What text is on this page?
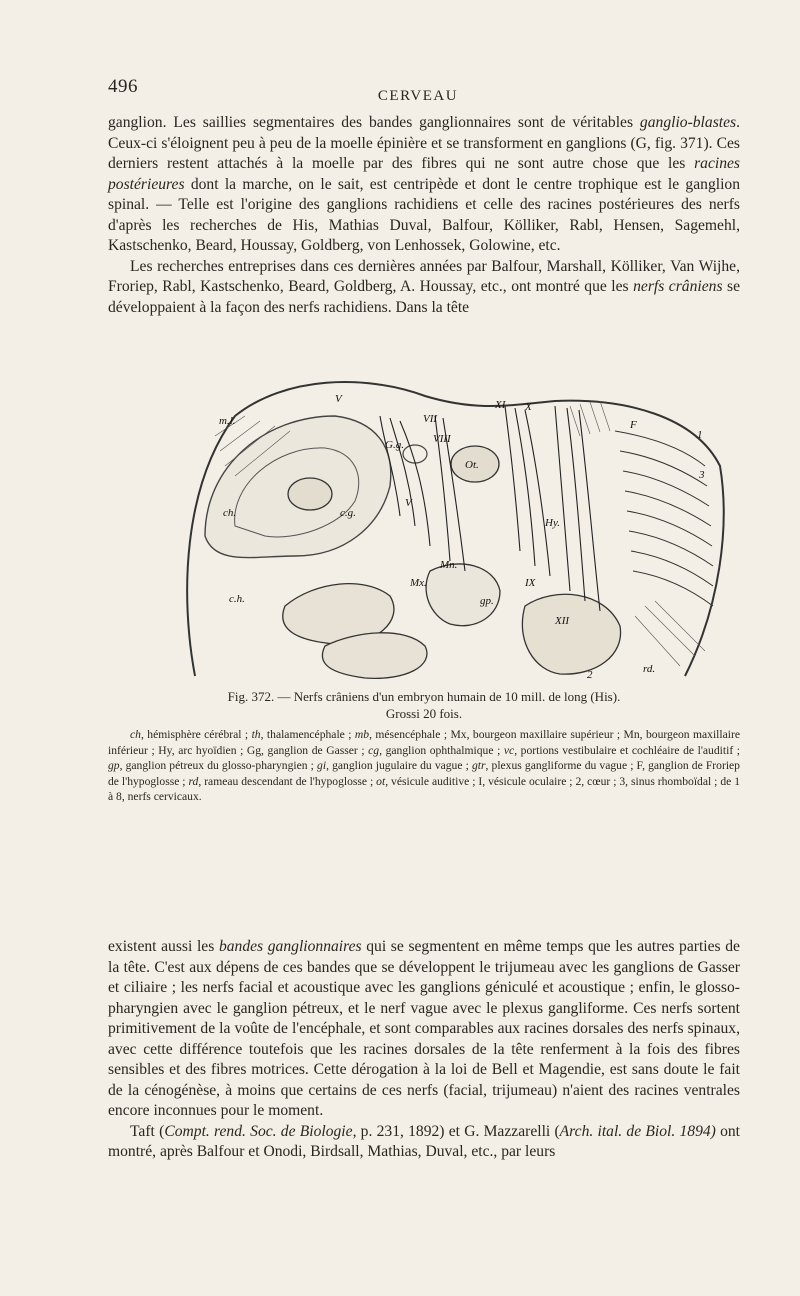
496	CERVEAU

ganglion. Les saillies segmentaires des bandes ganglionnaires sont de véritables ganglio-blastes. Ceux-ci s'éloignent peu à peu de la moelle épinière et se transforment en ganglions (G, fig. 371). Ces derniers restent attachés à la moelle par des fibres qui ne sont autre chose que les racines postérieures dont la marche, on le sait, est centripède et dont le centre trophique est le ganglion spinal. — Telle est l'origine des ganglions rachidiens et celle des racines postérieures des nerfs d'après les recherches de His, Mathias Duval, Balfour, Kölliker, Rabl, Hensen, Sagemehl, Kastschenko, Beard, Houssay, Goldberg, von Lenhossek, Golowine, etc.

Les recherches entreprises dans ces dernières années par Balfour, Marshall, Kölliker, Van Wijhe, Froriep, Rabl, Kastschenko, Beard, Goldberg, A. Houssay, etc., ont montré que les nerfs crâniens se développaient à la façon des nerfs rachidiens. Dans la tête

m.l.
V
ch.	c.g.
G.g.
VII
VIII
V
XI X
Ot.
F
1
2
3
Hy.
Mn.
Mx.	IX
gp.
c.h.
XII
rd.
Fig. 372. — Nerfs crâniens d'un embryon humain de 10 mill. de long (His).
Grossi 20 fois.
ch, hémisphère cérébral ; th, thalamencéphale ; mb, mésencéphale ; Mx, bourgeon maxillaire supérieur ; Mn, bourgeon maxillaire inférieur ; Hy, arc hyoïdien ; Gg, ganglion de Gasser ; cg, ganglion ophthalmique ; vc, portions vestibulaire et cochléaire de l'auditif ; gp, ganglion pétreux du glosso-pharyngien ; gi, ganglion jugulaire du vague ; gtr, plexus gangliforme du vague ; F, ganglion de Froriep de l'hypoglosse ; rd, rameau descendant de l'hypoglosse ; ot, vésicule auditive ; I, vésicule oculaire ; 2, cœur ; 3, sinus rhomboïdal ; de 1 à 8, nerfs cervicaux.

existent aussi les bandes ganglionnaires qui se segmentent en même temps que les autres parties de la tête. C'est aux dépens de ces bandes que se développent le trijumeau avec les ganglions de Gasser et ciliaire ; les nerfs facial et acoustique avec les ganglions géniculé et acoustique ; enfin, le glosso-pharyngien avec le ganglion pétreux, et le nerf vague avec le plexus gangliforme. Ces nerfs sortent primitivement de la voûte de l'encéphale, et sont comparables aux racines dorsales des nerfs spinaux, avec cette différence toutefois que les racines dorsales de la tête renferment à la fois des fibres sensibles et des fibres motrices. Cette dérogation à la loi de Bell et Magendie, est sans doute le fait de la cénogénèse, à moins que certains de ces nerfs (facial, trijumeau) n'aient des racines ventrales encore inconnues pour le moment.

Taft (Compt. rend. Soc. de Biologie, p. 231, 1892) et G. Mazzarelli (Arch. ital. de Biol. 1894) ont montré, après Balfour et Onodi, Birdsall, Mathias, Duval, etc., par leurs
